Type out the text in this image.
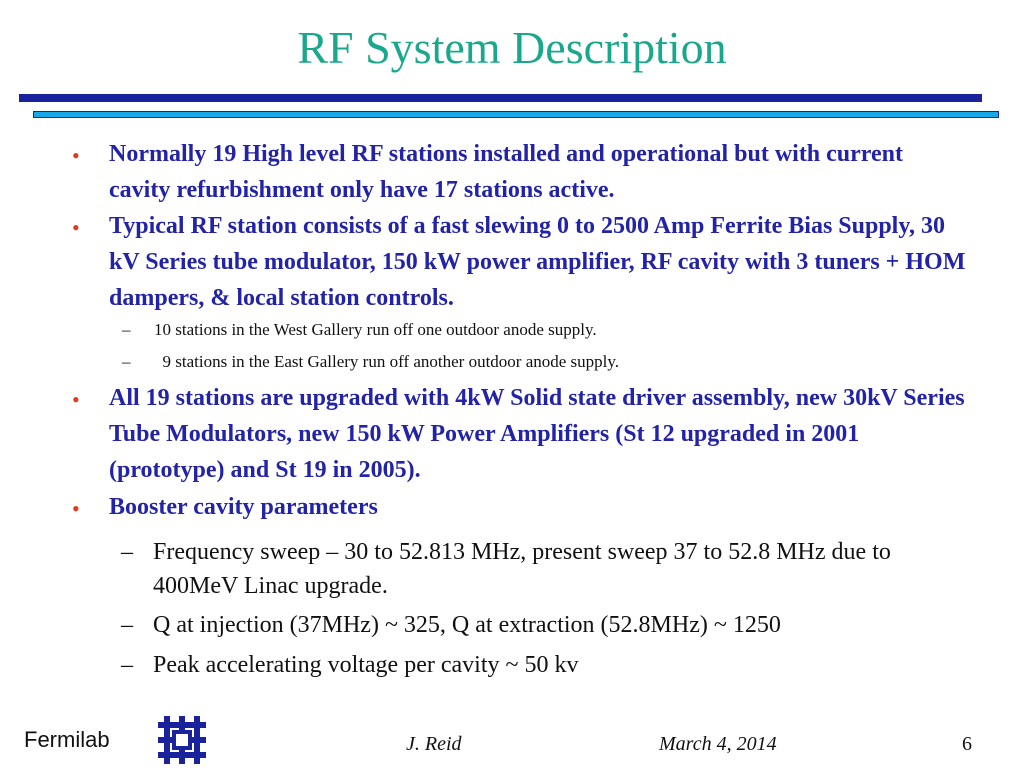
RF System Description
• Normally 19 High level RF stations installed and operational but with current cavity refurbishment only have 17 stations active.
• Typical RF station consists of a fast slewing 0 to 2500 Amp Ferrite Bias Supply, 30 kV Series tube modulator, 150 kW power amplifier, RF cavity with 3 tuners + HOM dampers, & local station controls.
– 10 stations in the West Gallery run off one outdoor anode supply.
– 9 stations in the East Gallery run off another outdoor anode supply.
• All 19 stations are upgraded with 4kW Solid state driver assembly, new 30kV Series Tube Modulators, new 150 kW Power Amplifiers (St 12 upgraded in 2001 (prototype) and St 19 in 2005).
• Booster cavity parameters
– Frequency sweep – 30 to 52.813 MHz, present sweep 37 to 52.8 MHz due to 400MeV Linac upgrade.
– Q at injection (37MHz) ~ 325, Q at extraction (52.8MHz) ~ 1250
– Peak accelerating voltage per cavity ~ 50 kv
Fermilab	J. Reid	March 4, 2014	6
